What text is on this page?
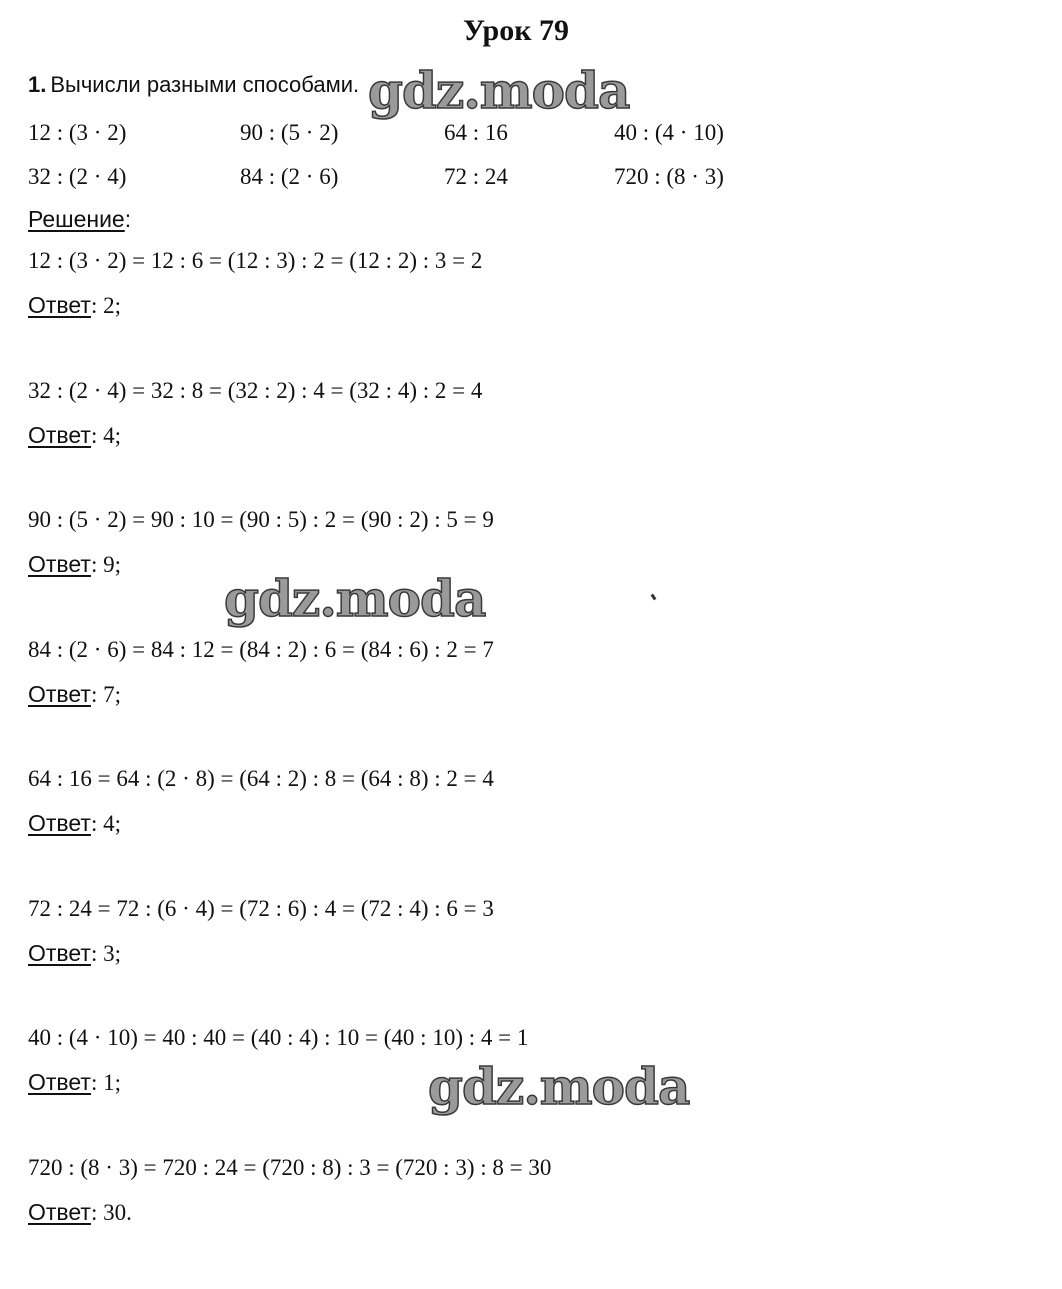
Урок 79
1. Вычисли разными способами.
12 : (3 · 2)	90 : (5 · 2)	64 : 16	40 : (4 · 10)
32 : (2 · 4)	84 : (2 · 6)	72 : 24	720 : (8 · 3)
Решение:
12 : (3 · 2) = 12 : 6 = (12 : 3) : 2 = (12 : 2) : 3 = 2
Ответ: 2;
32 : (2 · 4) = 32 : 8 = (32 : 2) : 4 = (32 : 4) : 2 = 4
Ответ: 4;
90 : (5 · 2) = 90 : 10 = (90 : 5) : 2 = (90 : 2) : 5 = 9
Ответ: 9;
84 : (2 · 6) = 84 : 12 = (84 : 2) : 6 = (84 : 6) : 2 = 7
Ответ: 7;
64 : 16 = 64 : (2 · 8) = (64 : 2) : 8 = (64 : 8) : 2 = 4
Ответ: 4;
72 : 24 = 72 : (6 · 4) = (72 : 6) : 4 = (72 : 4) : 6 = 3
Ответ: 3;
40 : (4 · 10) = 40 : 40 = (40 : 4) : 10 = (40 : 10) : 4 = 1
Ответ: 1;
720 : (8 · 3) = 720 : 24 = (720 : 8) : 3 = (720 : 3) : 8 = 30
Ответ: 30.
gdz.moda
gdz.moda
gdz.moda
